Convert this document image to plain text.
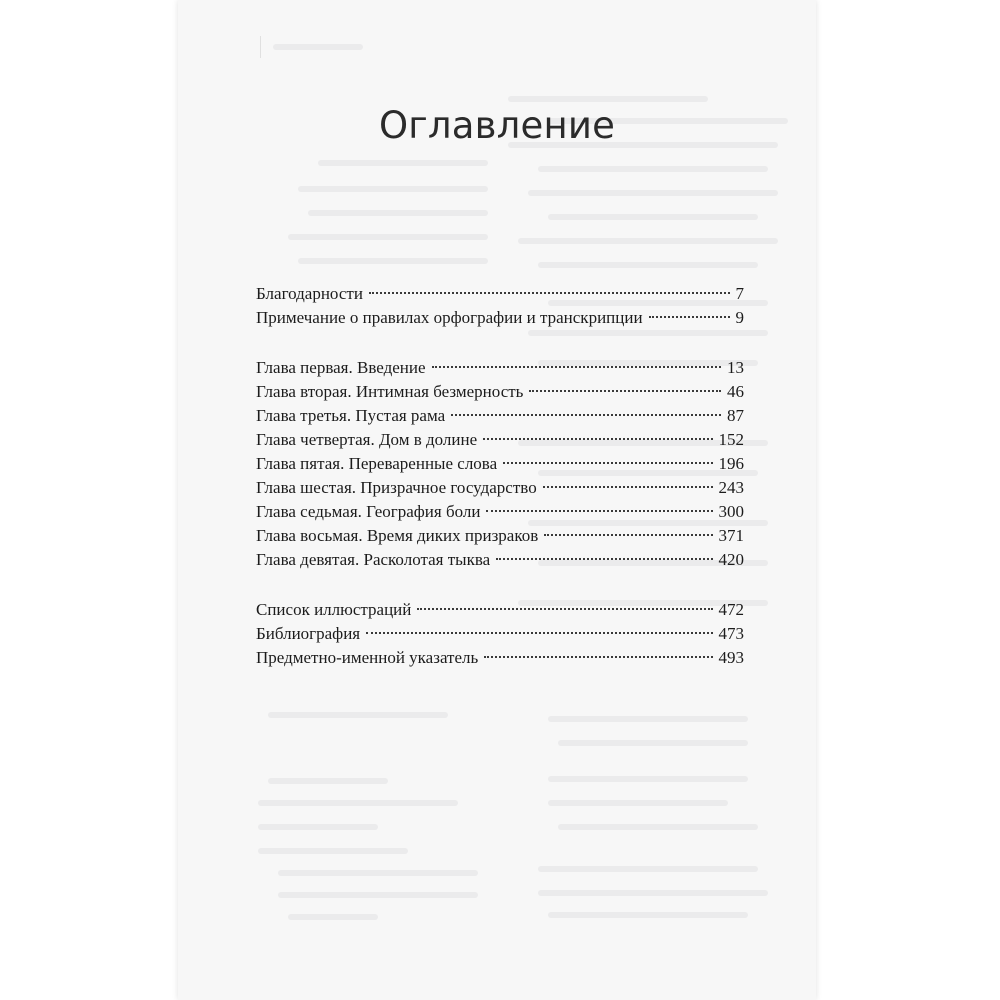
Оглавление
Благодарности	7
Примечание о правилах орфографии и транскрипции	9
Глава первая. Введение	13
Глава вторая. Интимная безмерность	46
Глава третья. Пустая рама	87
Глава четвертая. Дом в долине	152
Глава пятая. Переваренные слова	196
Глава шестая. Призрачное государство	243
Глава седьмая. География боли	300
Глава восьмая. Время диких призраков	371
Глава девятая. Расколотая тыква	420
Список иллюстраций	472
Библиография	473
Предметно-именной указатель	493
